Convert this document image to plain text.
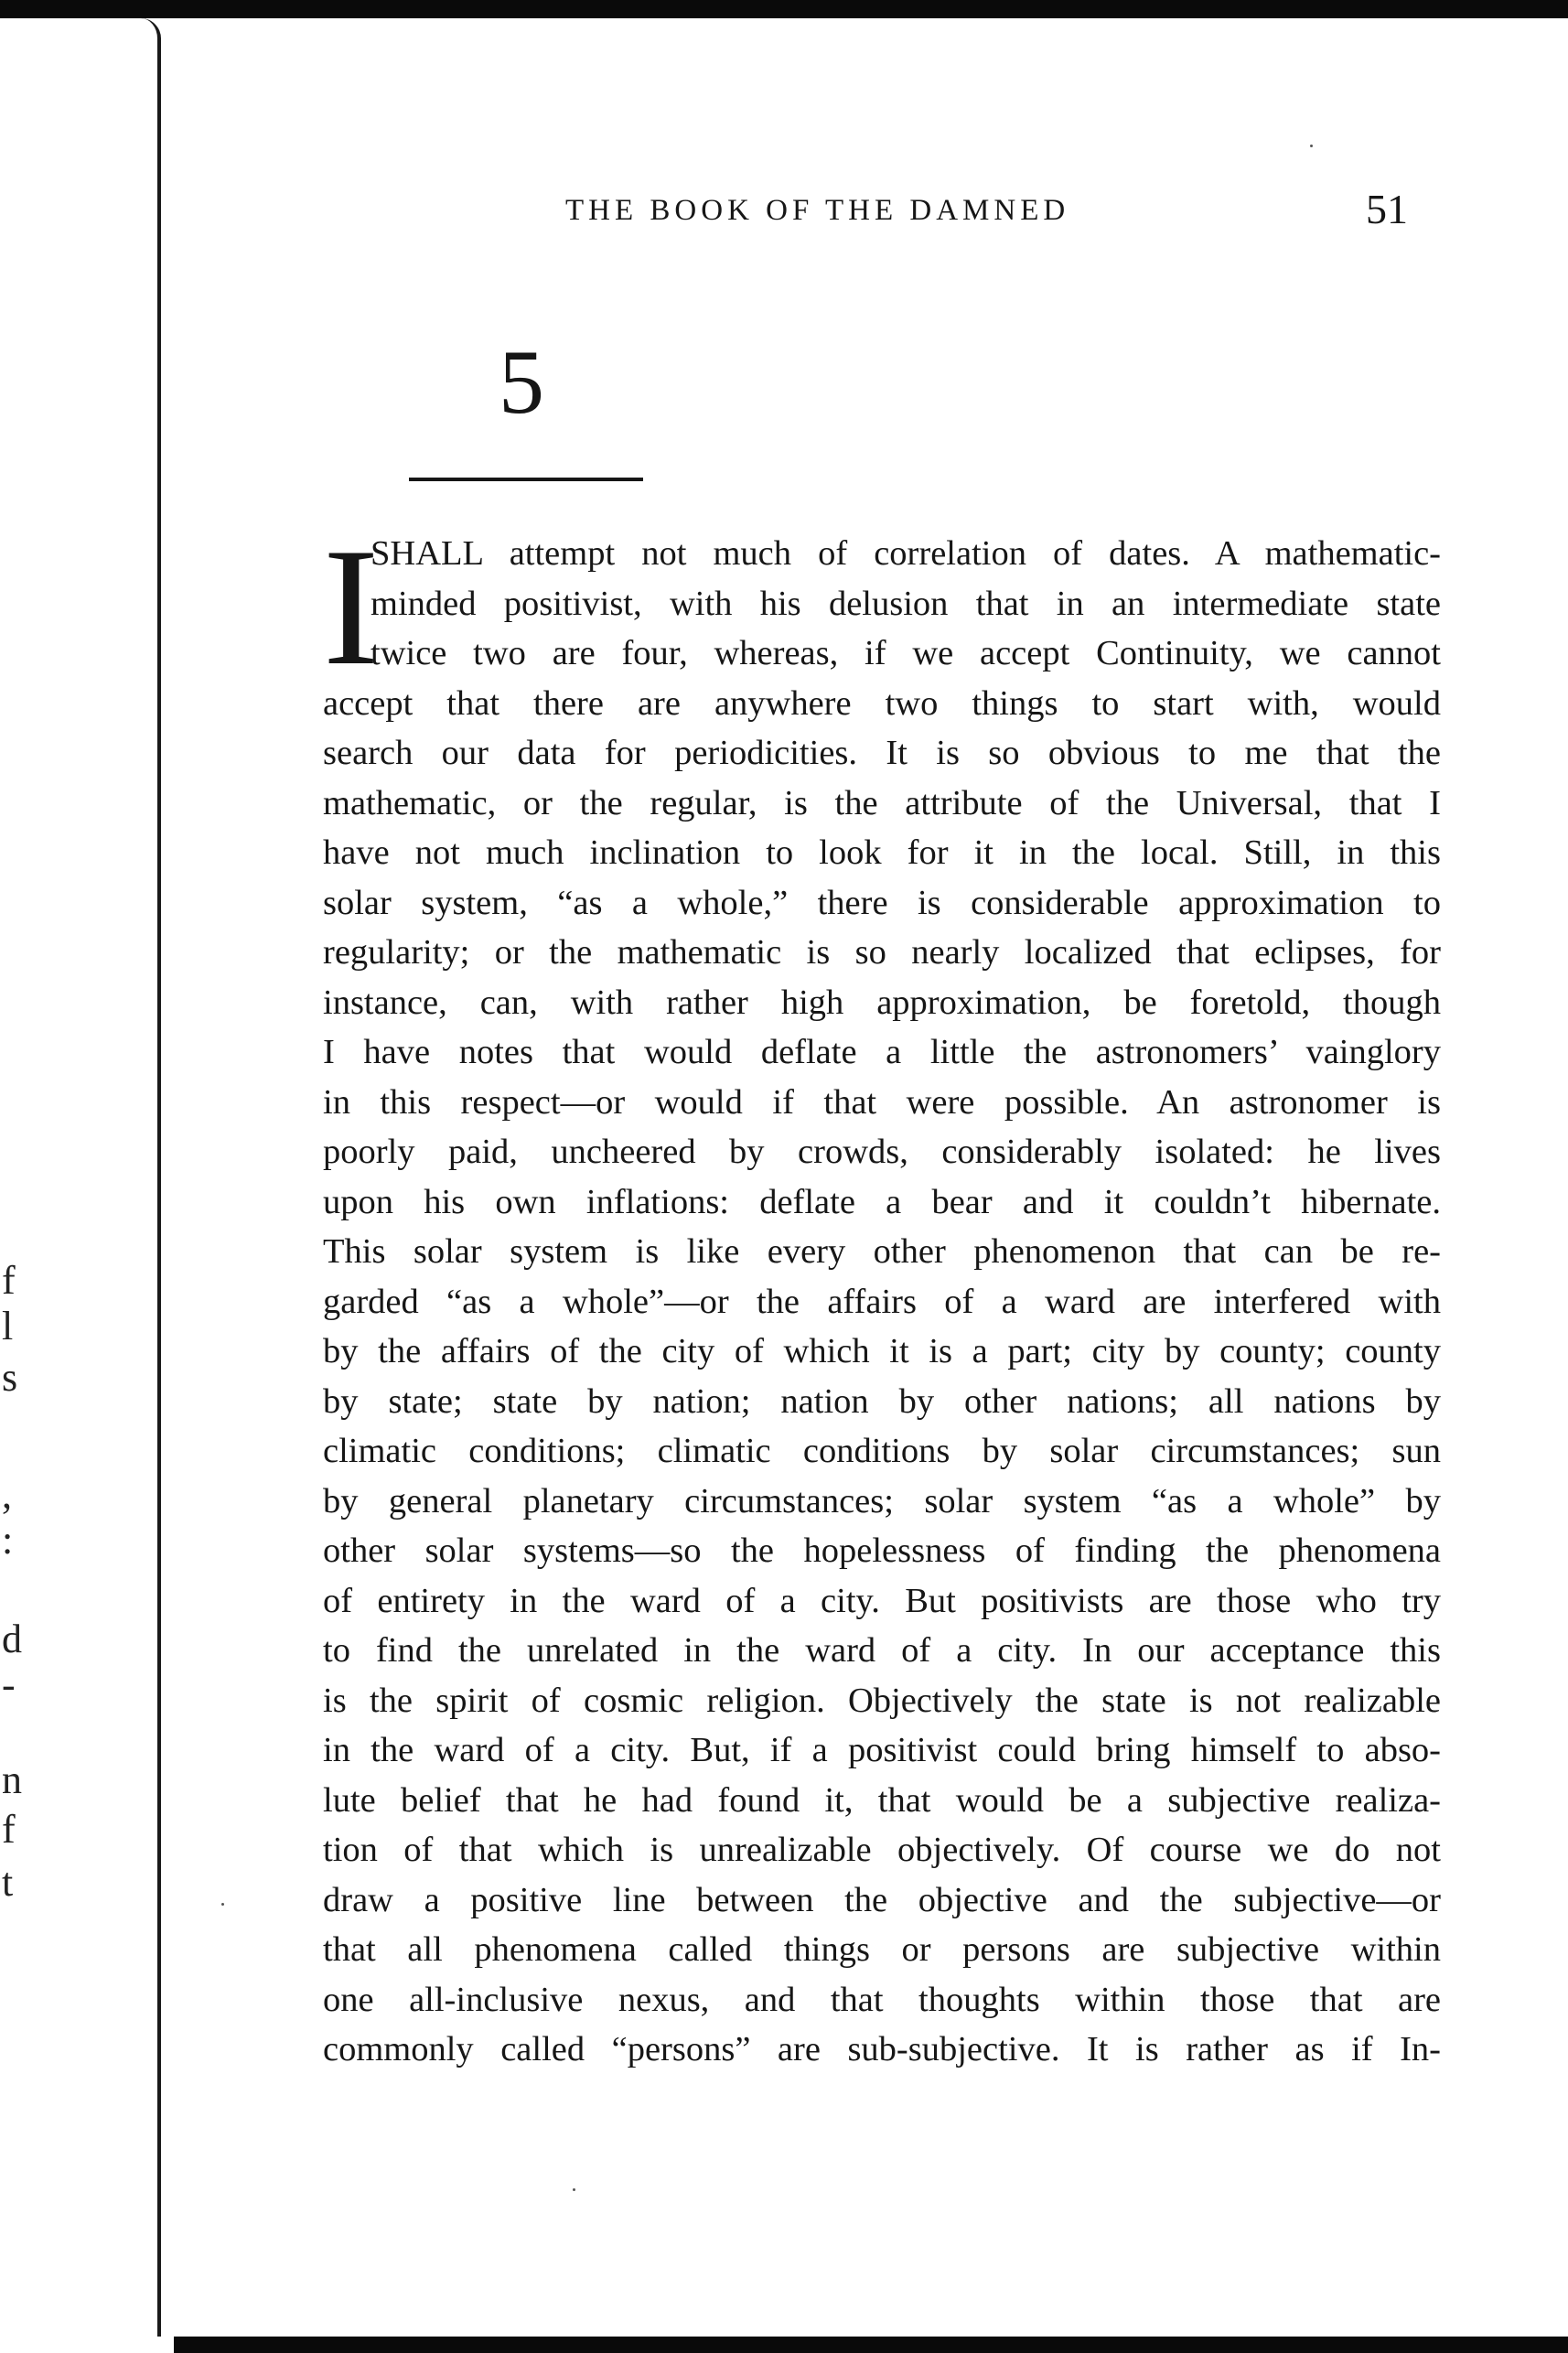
f
l
s
,
:
d
-
n
f
t
THE BOOK OF THE DAMNED	51
5
I
SHALL attempt not much of correlation of dates. A mathematic-
minded positivist, with his delusion that in an intermediate state
twice two are four, whereas, if we accept Continuity, we cannot
accept that there are anywhere two things to start with, would
search our data for periodicities. It is so obvious to me that the
mathematic, or the regular, is the attribute of the Universal, that I
have not much inclination to look for it in the local. Still, in this
solar system, “as a whole,” there is considerable approximation to
regularity; or the mathematic is so nearly localized that eclipses, for
instance, can, with rather high approximation, be foretold, though
I have notes that would deflate a little the astronomers’ vainglory
in this respect—or would if that were possible. An astronomer is
poorly paid, uncheered by crowds, considerably isolated: he lives
upon his own inflations: deflate a bear and it couldn’t hibernate.
This solar system is like every other phenomenon that can be re-
garded “as a whole”—or the affairs of a ward are interfered with
by the affairs of the city of which it is a part; city by county; county
by state; state by nation; nation by other nations; all nations by
climatic conditions; climatic conditions by solar circumstances; sun
by general planetary circumstances; solar system “as a whole” by
other solar systems—so the hopelessness of finding the phenomena
of entirety in the ward of a city. But positivists are those who try
to find the unrelated in the ward of a city. In our acceptance this
is the spirit of cosmic religion. Objectively the state is not realizable
in the ward of a city. But, if a positivist could bring himself to abso-
lute belief that he had found it, that would be a subjective realiza-
tion of that which is unrealizable objectively. Of course we do not
draw a positive line between the objective and the subjective—or
that all phenomena called things or persons are subjective within
one all-inclusive nexus, and that thoughts within those that are
commonly called “persons” are sub-subjective. It is rather as if In-
